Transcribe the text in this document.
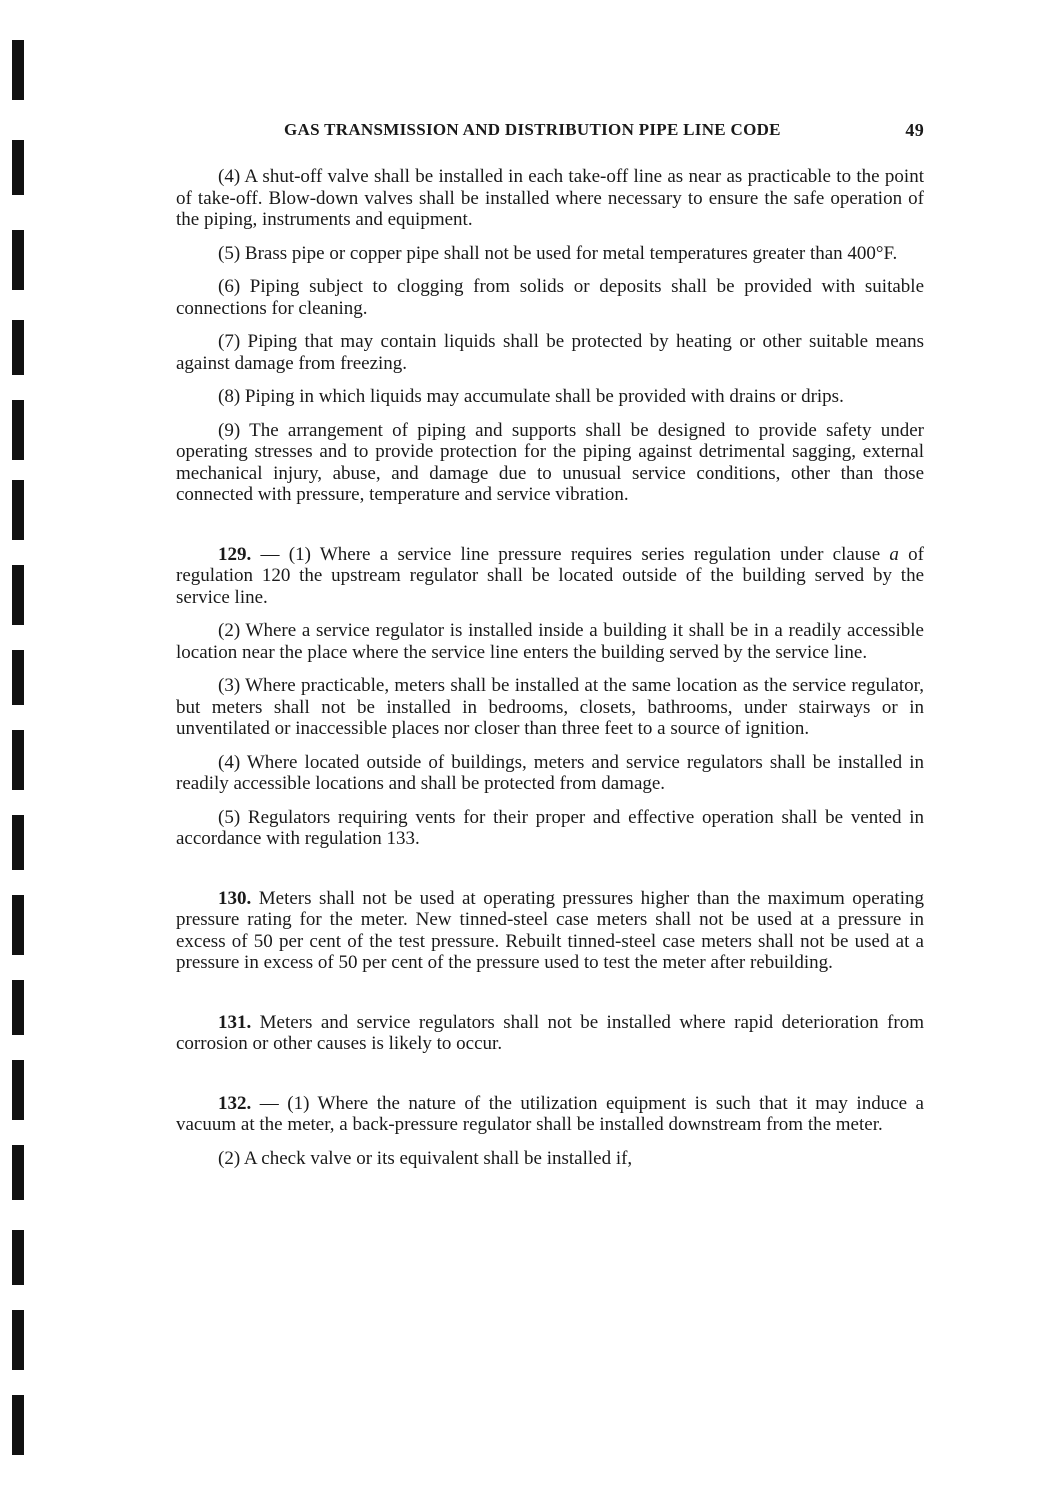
GAS TRANSMISSION AND DISTRIBUTION PIPE LINE CODE	49

(4) A shut-off valve shall be installed in each take-off line as near as practicable to the point of take-off. Blow-down valves shall be installed where necessary to ensure the safe operation of the piping, instruments and equipment.

(5) Brass pipe or copper pipe shall not be used for metal temperatures greater than 400°F.

(6) Piping subject to clogging from solids or deposits shall be provided with suitable connections for cleaning.

(7) Piping that may contain liquids shall be protected by heating or other suitable means against damage from freezing.

(8) Piping in which liquids may accumulate shall be provided with drains or drips.

(9) The arrangement of piping and supports shall be designed to provide safety under operating stresses and to provide protection for the piping against detrimental sagging, external mechanical injury, abuse, and damage due to unusual service conditions, other than those connected with pressure, temperature and service vibration.

129. — (1) Where a service line pressure requires series regulation under clause a of regulation 120 the upstream regulator shall be located outside of the building served by the service line.

(2) Where a service regulator is installed inside a building it shall be in a readily accessible location near the place where the service line enters the building served by the service line.

(3) Where practicable, meters shall be installed at the same location as the service regulator, but meters shall not be installed in bedrooms, closets, bathrooms, under stairways or in unventilated or inaccessible places nor closer than three feet to a source of ignition.

(4) Where located outside of buildings, meters and service regulators shall be installed in readily accessible locations and shall be protected from damage.

(5) Regulators requiring vents for their proper and effective operation shall be vented in accordance with regulation 133.

130. Meters shall not be used at operating pressures higher than the maximum operating pressure rating for the meter. New tinned-steel case meters shall not be used at a pressure in excess of 50 per cent of the test pressure. Rebuilt tinned-steel case meters shall not be used at a pressure in excess of 50 per cent of the pressure used to test the meter after rebuilding.

131. Meters and service regulators shall not be installed where rapid deterioration from corrosion or other causes is likely to occur.

132. — (1) Where the nature of the utilization equipment is such that it may induce a vacuum at the meter, a back-pressure regulator shall be installed downstream from the meter.

(2) A check valve or its equivalent shall be installed if,
